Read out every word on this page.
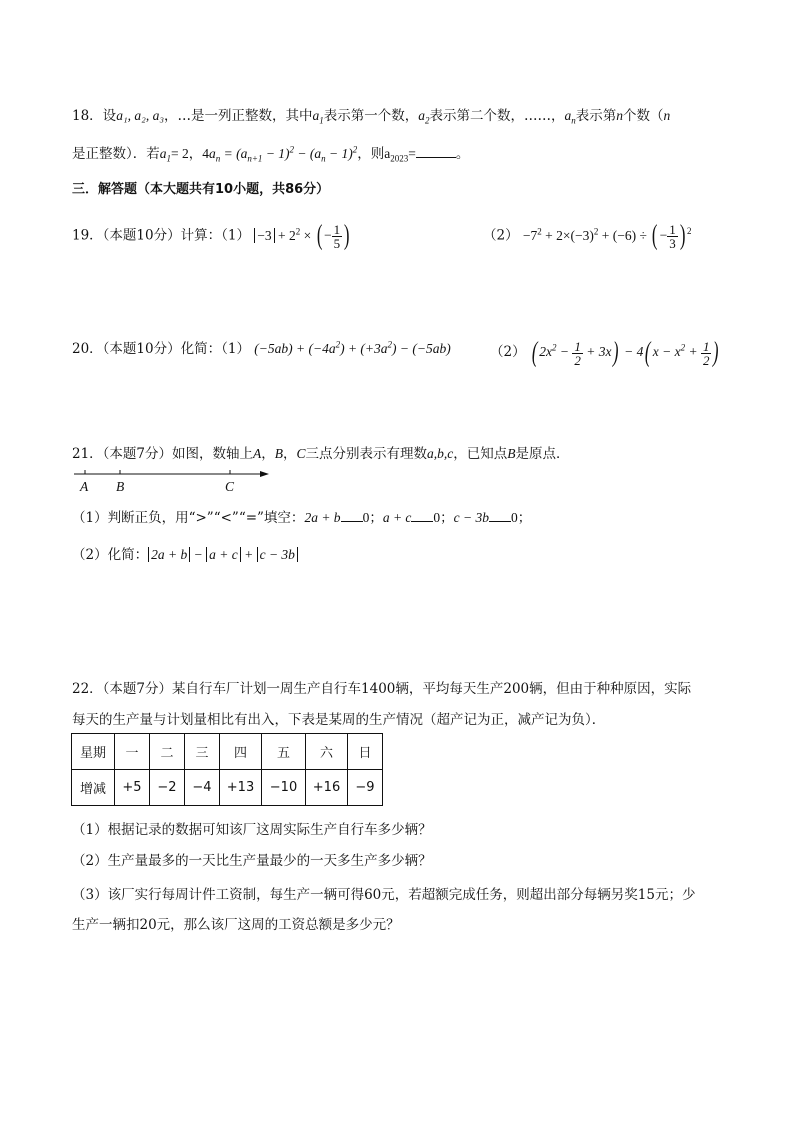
18．设a₁, a₂, a₃，…是一列正整数，其中$a_1$表示第一个数，$a_2$表示第二个数，……，$a_n$表示第n个数（n
是正整数）．若$a_1= 2$，$4a_n = (a_{n+1} - 1)^2 - (a_n - 1)^2$，则$a_{2023}=$	。
三．解答题（本大题共有10小题，共86分）
19．（本题10分）计算：$(1) -3 + 2^2$ × ( − $\frac{1}{5}$ )	$(2) -7^2 + 2\times(-3)^2 + (-6)$ ÷ ( − $\frac{1}{3}$ ) $^2$
20．（本题10分）化简：（1） $(-5ab) + (-4a^2) + (+3a^2) - (-5ab)$	（2） ( $2x^2 - \frac{1}{2} + 3x) - 4$( $x - x^2 + \frac{1}{2}$ )
21．（本题7分）如图，数轴上A，B，C三点分别表示有理数a,b,c，已知点B是原点．
A B	C
（1）判断正负，用“>”“<”“=”填空：2a + b 0；a + c 0；c − 3b 0；
（2）化简： 2a + b − a + c + c − 3b
22．（本题7分）某自行车厂计划一周生产自行车1400辆，平均每天生产200辆，但由于种种原因，实际
每天的生产量与计划量相比有出入，下表是某周的生产情况（超产记为正，减产记为负）．
星期	一	二	三	四	五	六	日
增减	+5	−2	−4	+13	−10	+16	−9
（1）根据记录的数据可知该厂这周实际生产自行车多少辆？
（2）生产量最多的一天比生产量最少的一天多生产多少辆？
（3）该厂实行每周计件工资制，每生产一辆可得60元，若超额完成任务，则超出部分每辆另奖15元；少
生产一辆扣20元，那么该厂这周的工资总额是多少元？
